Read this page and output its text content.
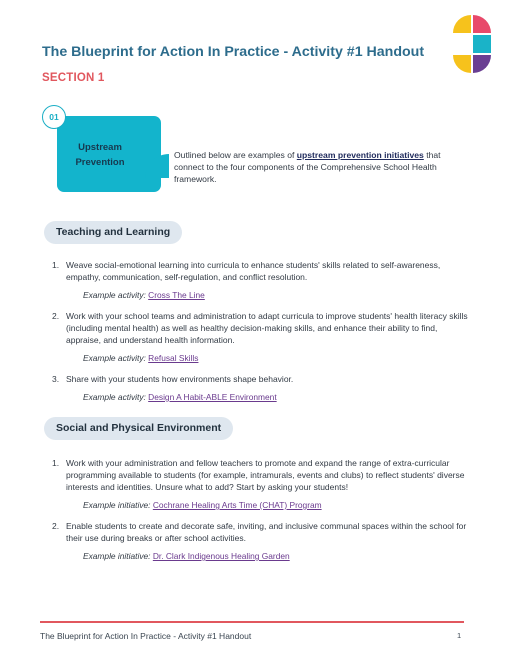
The Blueprint for Action In Practice - Activity #1 Handout
SECTION 1
Upstream Prevention
01
Outlined below are examples of upstream prevention initiatives that connect to the four components of the Comprehensive School Health framework.
Teaching and Learning
1. Weave social-emotional learning into curricula to enhance students' skills related to self-awareness, empathy, communication, self-regulation, and conflict resolution.
Example activity: Cross The Line
2. Work with your school teams and administration to adapt curricula to improve students' health literacy skills (including mental health) as well as healthy decision-making skills, and enhance their ability to find, appraise, and understand health information.
Example activity: Refusal Skills
3. Share with your students how environments shape behavior.
Example activity: Design A Habit-ABLE Environment
Social and Physical Environment
1. Work with your administration and fellow teachers to promote and expand the range of extra-curricular programming available to students (for example, intramurals, events and clubs) to reflect students' diverse interests and identities. Unsure what to add? Start by asking your students!
Example initiative: Cochrane Healing Arts Time (CHAT) Program
2. Enable students to create and decorate safe, inviting, and inclusive communal spaces within the school for their use during breaks or after school activities.
Example initiative: Dr. Clark Indigenous Healing Garden
The Blueprint for Action In Practice - Activity #1 Handout	1
